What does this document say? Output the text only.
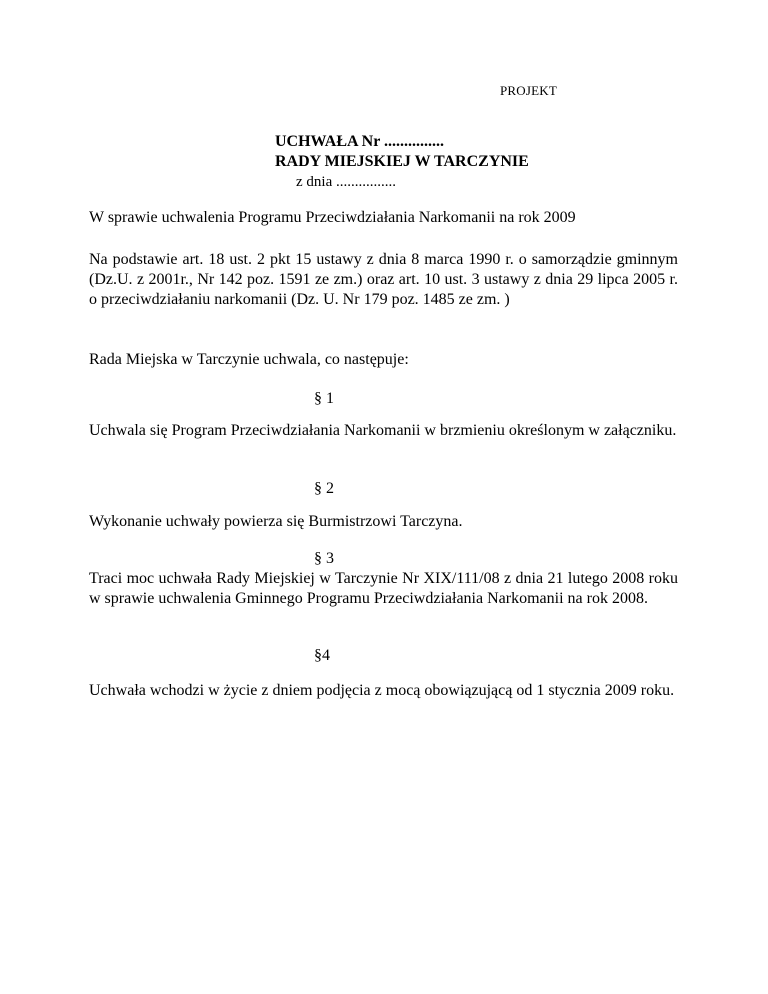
PROJEKT
UCHWAŁA Nr ...............
RADY MIEJSKIEJ W TARCZYNIE
z dnia ................
W sprawie uchwalenia Programu Przeciwdziałania Narkomanii na rok 2009
Na podstawie art. 18 ust. 2 pkt 15 ustawy z dnia 8 marca 1990 r. o samorządzie gminnym (Dz.U. z 2001r., Nr 142 poz. 1591 ze zm.) oraz art. 10 ust. 3 ustawy z dnia 29 lipca 2005 r. o przeciwdziałaniu narkomanii (Dz. U. Nr 179 poz. 1485 ze zm. )
Rada Miejska w Tarczynie uchwala, co następuje:
§ 1
Uchwala się Program Przeciwdziałania Narkomanii w brzmieniu określonym w załączniku.
§ 2
Wykonanie uchwały powierza się Burmistrzowi Tarczyna.
§ 3
Traci moc uchwała Rady Miejskiej w Tarczynie Nr XIX/111/08 z dnia 21 lutego 2008 roku w sprawie uchwalenia Gminnego Programu Przeciwdziałania Narkomanii na rok 2008.
§4
Uchwała wchodzi w życie z dniem podjęcia z mocą obowiązującą od 1 stycznia 2009 roku.
